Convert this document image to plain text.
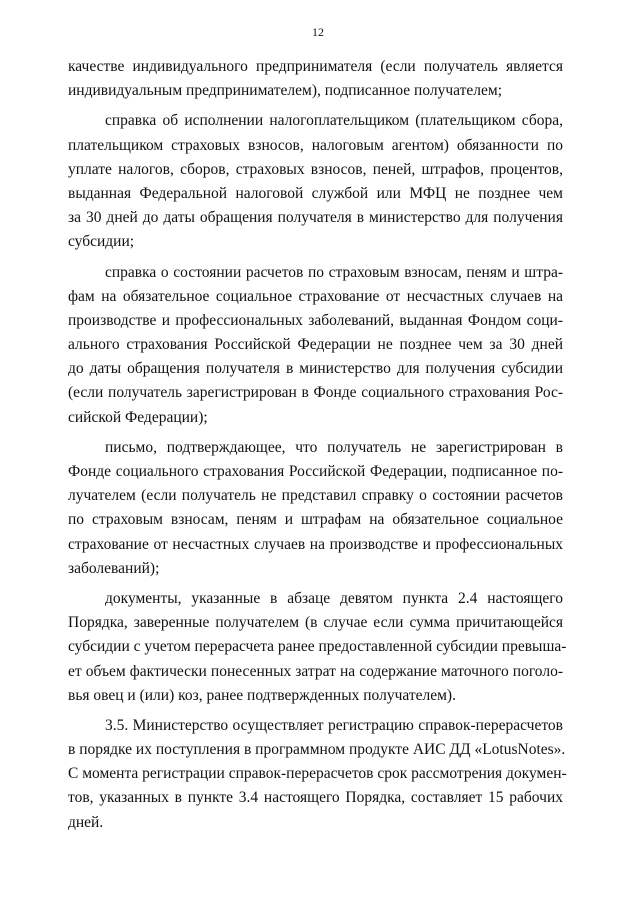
12
качестве индивидуального предпринимателя (если получатель является
индивидуальным предпринимателем), подписанное получателем;
справка об исполнении налогоплательщиком (плательщиком сбора,
плательщиком страховых взносов, налоговым агентом) обязанности по
уплате налогов, сборов, страховых взносов, пеней, штрафов, процентов,
выданная Федеральной налоговой службой или МФЦ не позднее чем
за 30 дней до даты обращения получателя в министерство для получения
субсидии;
справка о состоянии расчетов по страховым взносам, пеням и штра-
фам на обязательное социальное страхование от несчастных случаев на
производстве и профессиональных заболеваний, выданная Фондом соци-
ального страхования Российской Федерации не позднее чем за 30 дней
до даты обращения получателя в министерство для получения субсидии
(если получатель зарегистрирован в Фонде социального страхования Рос-
сийской Федерации);
письмо, подтверждающее, что получатель не зарегистрирован в
Фонде социального страхования Российской Федерации, подписанное по-
лучателем (если получатель не представил справку о состоянии расчетов
по страховым взносам, пеням и штрафам на обязательное социальное
страхование от несчастных случаев на производстве и профессиональных
заболеваний);
документы, указанные в абзаце девятом пункта 2.4 настоящего
Порядка, заверенные получателем (в случае если сумма причитающейся
субсидии с учетом перерасчета ранее предоставленной субсидии превыша-
ет объем фактически понесенных затрат на содержание маточного поголо-
вья овец и (или) коз, ранее подтвержденных получателем).
3.5. Министерство осуществляет регистрацию справок-перерасчетов
в порядке их поступления в программном продукте АИС ДД «LotusNotes».
С момента регистрации справок-перерасчетов срок рассмотрения докумен-
тов, указанных в пункте 3.4 настоящего Порядка, составляет 15 рабочих
дней.
